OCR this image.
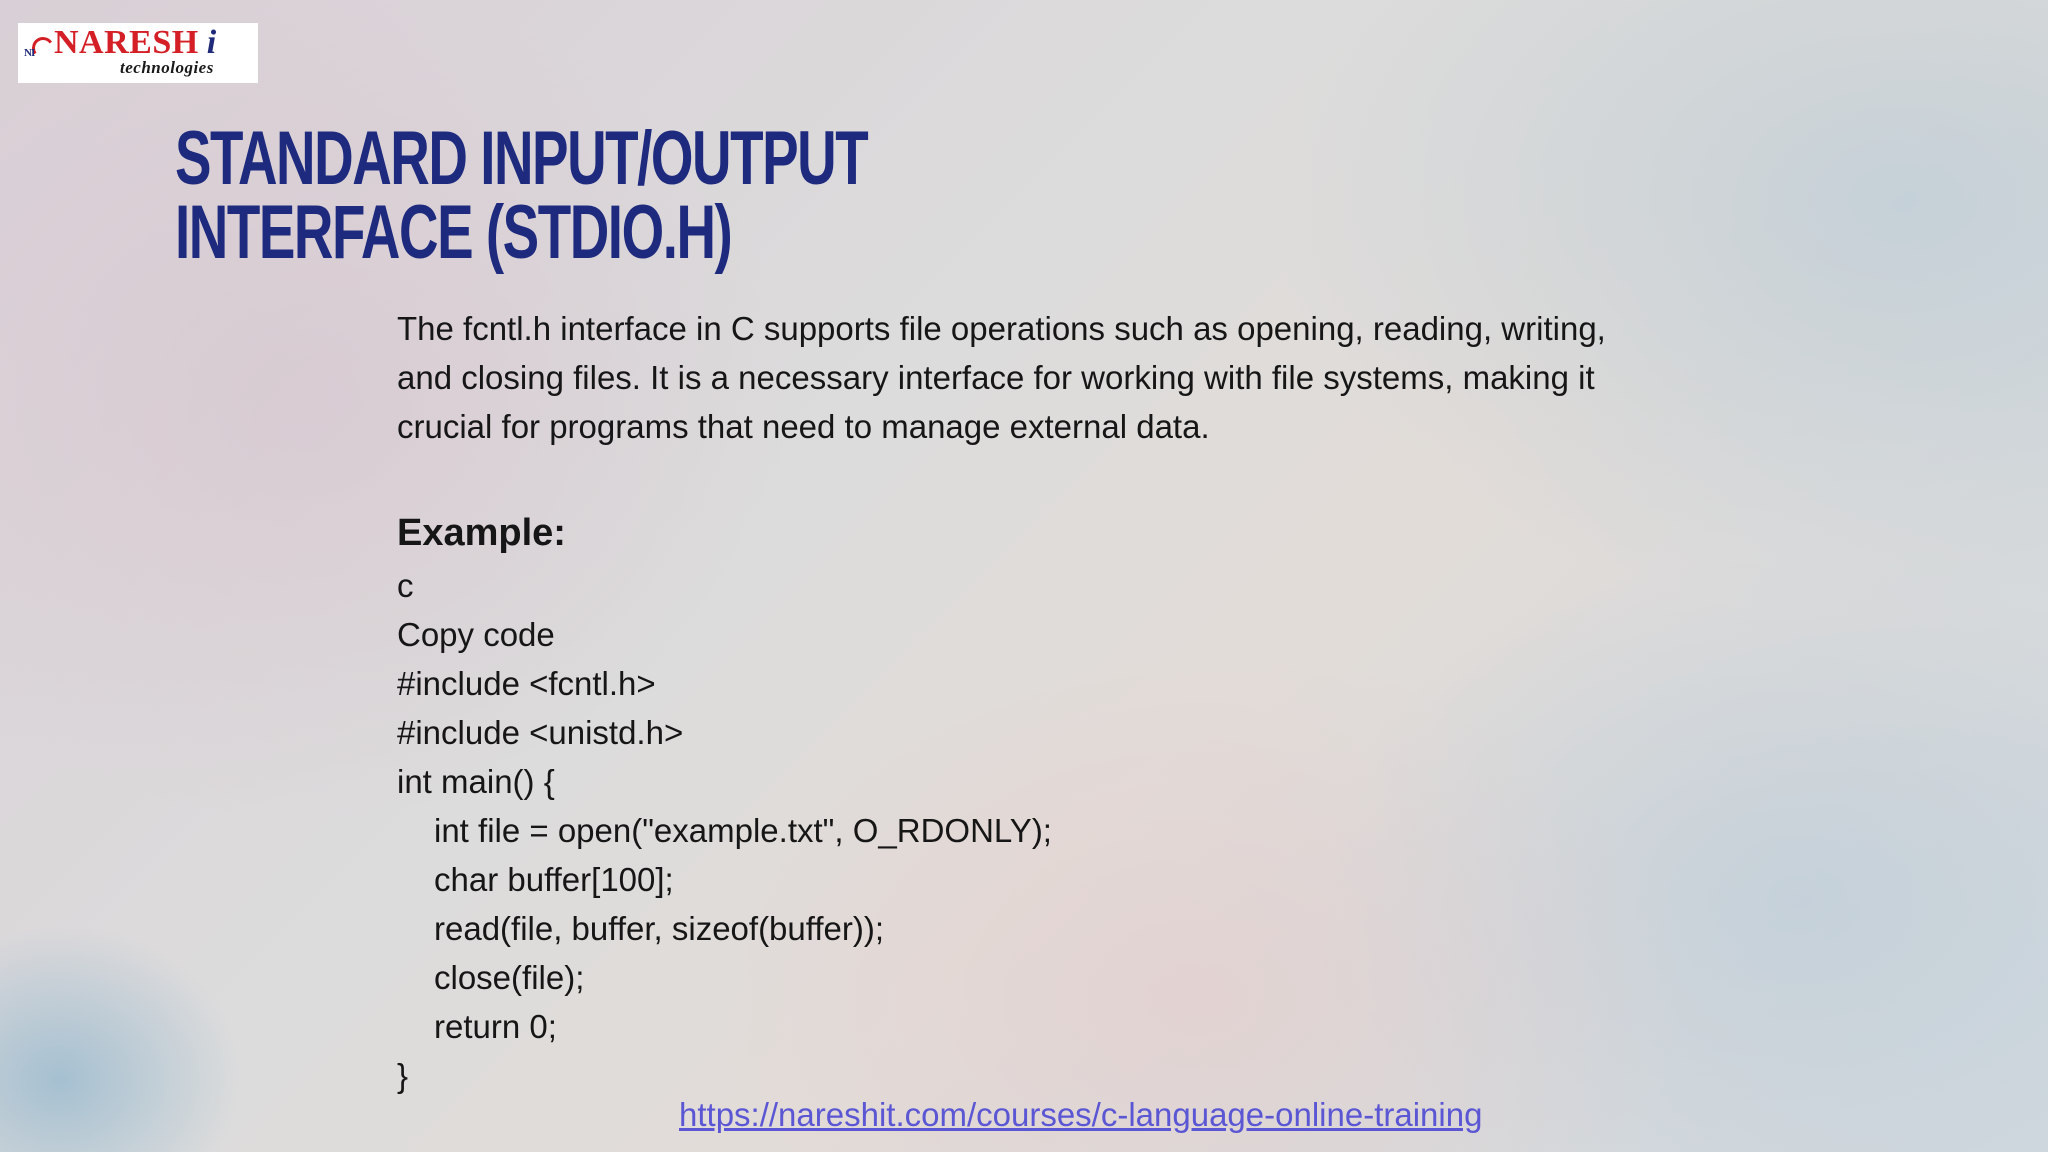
NI NARESH i
technologies
STANDARD INPUT/OUTPUT
INTERFACE (STDIO.H)

The fcntl.h interface in C supports file operations such as opening, reading, writing, and closing files. It is a necessary interface for working with file systems, making it crucial for programs that need to manage external data.

Example:
c
Copy code
#include <fcntl.h>
#include <unistd.h>
int main() {
int file = open("example.txt", O_RDONLY);
char buffer[100];
read(file, buffer, sizeof(buffer));
close(file);
return 0;
}
https://nareshit.com/courses/c-language-online-training
